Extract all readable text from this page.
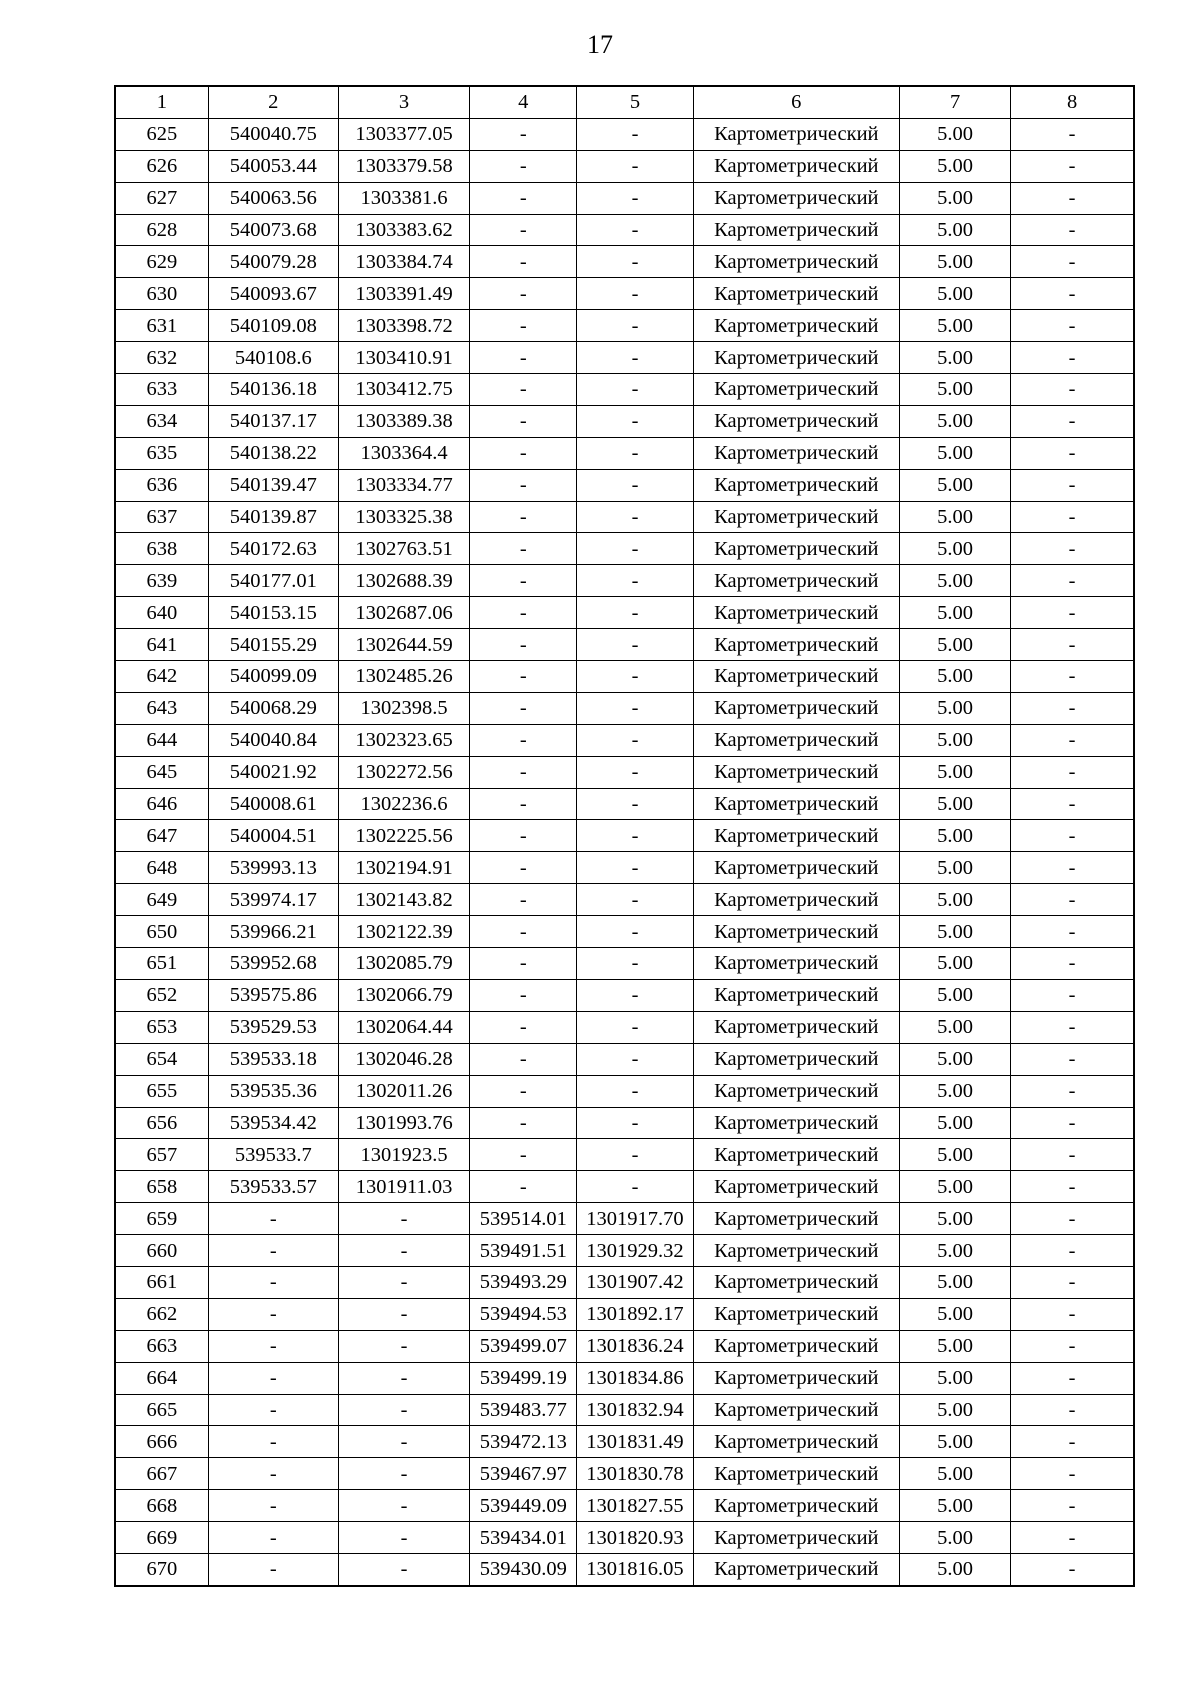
17
1	2	3	4	5	6	7	8
625	540040.75	1303377.05	-	-	Картометрический	5.00	-
626	540053.44	1303379.58	-	-	Картометрический	5.00	-
627	540063.56	1303381.6	-	-	Картометрический	5.00	-
628	540073.68	1303383.62	-	-	Картометрический	5.00	-
629	540079.28	1303384.74	-	-	Картометрический	5.00	-
630	540093.67	1303391.49	-	-	Картометрический	5.00	-
631	540109.08	1303398.72	-	-	Картометрический	5.00	-
632	540108.6	1303410.91	-	-	Картометрический	5.00	-
633	540136.18	1303412.75	-	-	Картометрический	5.00	-
634	540137.17	1303389.38	-	-	Картометрический	5.00	-
635	540138.22	1303364.4	-	-	Картометрический	5.00	-
636	540139.47	1303334.77	-	-	Картометрический	5.00	-
637	540139.87	1303325.38	-	-	Картометрический	5.00	-
638	540172.63	1302763.51	-	-	Картометрический	5.00	-
639	540177.01	1302688.39	-	-	Картометрический	5.00	-
640	540153.15	1302687.06	-	-	Картометрический	5.00	-
641	540155.29	1302644.59	-	-	Картометрический	5.00	-
642	540099.09	1302485.26	-	-	Картометрический	5.00	-
643	540068.29	1302398.5	-	-	Картометрический	5.00	-
644	540040.84	1302323.65	-	-	Картометрический	5.00	-
645	540021.92	1302272.56	-	-	Картометрический	5.00	-
646	540008.61	1302236.6	-	-	Картометрический	5.00	-
647	540004.51	1302225.56	-	-	Картометрический	5.00	-
648	539993.13	1302194.91	-	-	Картометрический	5.00	-
649	539974.17	1302143.82	-	-	Картометрический	5.00	-
650	539966.21	1302122.39	-	-	Картометрический	5.00	-
651	539952.68	1302085.79	-	-	Картометрический	5.00	-
652	539575.86	1302066.79	-	-	Картометрический	5.00	-
653	539529.53	1302064.44	-	-	Картометрический	5.00	-
654	539533.18	1302046.28	-	-	Картометрический	5.00	-
655	539535.36	1302011.26	-	-	Картометрический	5.00	-
656	539534.42	1301993.76	-	-	Картометрический	5.00	-
657	539533.7	1301923.5	-	-	Картометрический	5.00	-
658	539533.57	1301911.03	-	-	Картометрический	5.00	-
659	-	-	539514.01	1301917.70	Картометрический	5.00	-
660	-	-	539491.51	1301929.32	Картометрический	5.00	-
661	-	-	539493.29	1301907.42	Картометрический	5.00	-
662	-	-	539494.53	1301892.17	Картометрический	5.00	-
663	-	-	539499.07	1301836.24	Картометрический	5.00	-
664	-	-	539499.19	1301834.86	Картометрический	5.00	-
665	-	-	539483.77	1301832.94	Картометрический	5.00	-
666	-	-	539472.13	1301831.49	Картометрический	5.00	-
667	-	-	539467.97	1301830.78	Картометрический	5.00	-
668	-	-	539449.09	1301827.55	Картометрический	5.00	-
669	-	-	539434.01	1301820.93	Картометрический	5.00	-
670	-	-	539430.09	1301816.05	Картометрический	5.00	-
